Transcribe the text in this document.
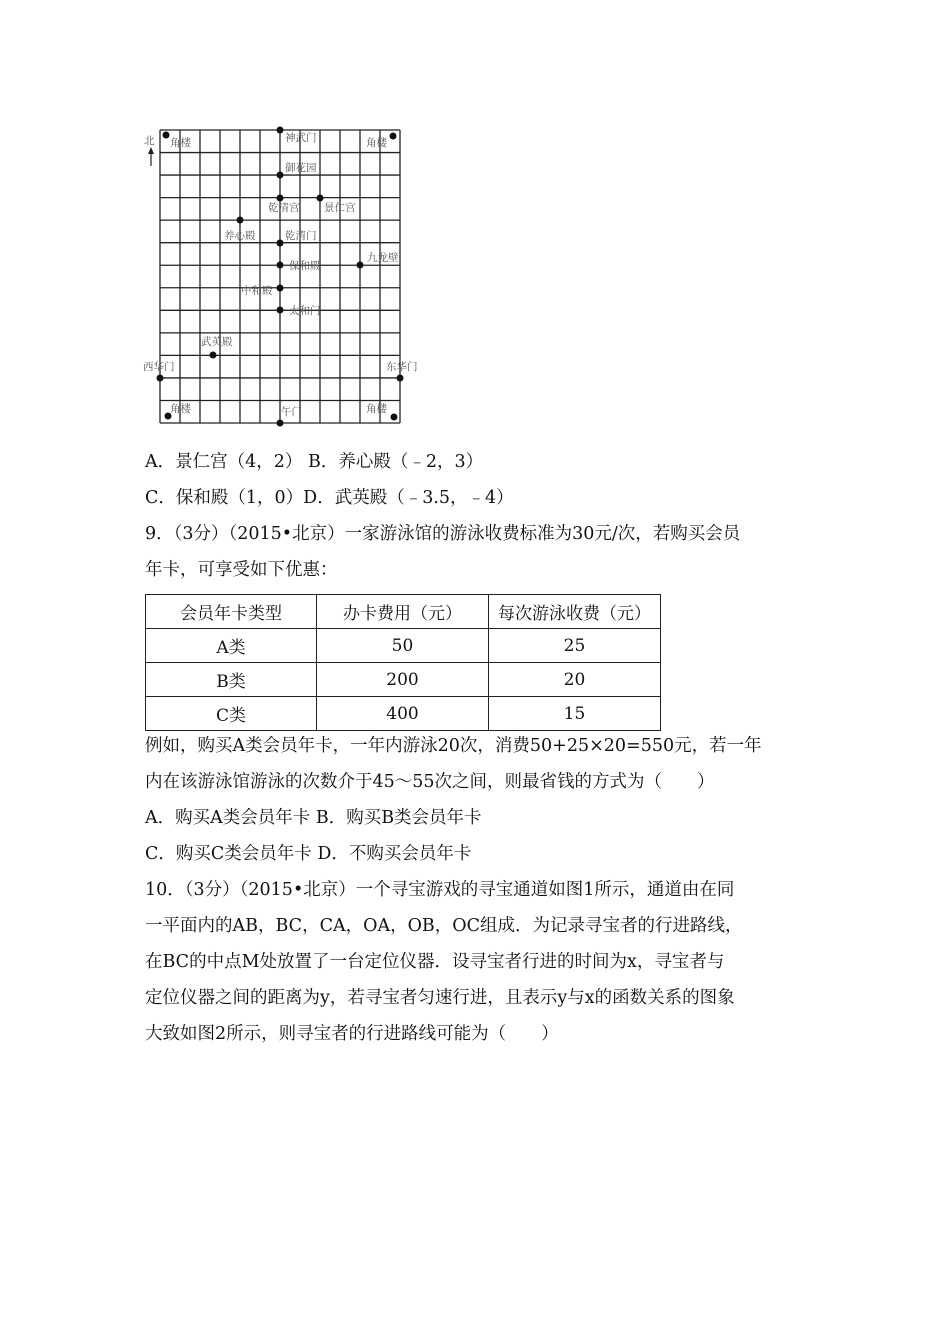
北 角楼	角楼
角楼	角楼
神武门
御花园
乾清宫 景仁宫
养心殿	乾清门
保和殿
九龙壁
中和殿
太和门
武英殿
西华门	东华门
午门
A．景仁宫（4，2） B．养心殿（﹣2，3）
C．保和殿（1，0）D．武英殿（﹣3.5，﹣4）
9．（3分）（2015•北京）一家游泳馆的游泳收费标准为30元/次，若购买会员
年卡，可享受如下优惠：
会员年卡类型	办卡费用（元）	每次游泳收费（元）
A类	50	25
B类	200	20
C类	400	15
例如，购买A类会员年卡，一年内游泳20次，消费50+25×20=550元，若一年
内在该游泳馆游泳的次数介于45～55次之间，则最省钱的方式为（　　）
A．购买A类会员年卡 B．购买B类会员年卡
C．购买C类会员年卡 D．不购买会员年卡
10．（3分）（2015•北京）一个寻宝游戏的寻宝通道如图1所示，通道由在同
一平面内的AB，BC，CA，OA，OB，OC组成．为记录寻宝者的行进路线，
在BC的中点M处放置了一台定位仪器．设寻宝者行进的时间为x，寻宝者与
定位仪器之间的距离为y，若寻宝者匀速行进，且表示y与x的函数关系的图象
大致如图2所示，则寻宝者的行进路线可能为（　　）
